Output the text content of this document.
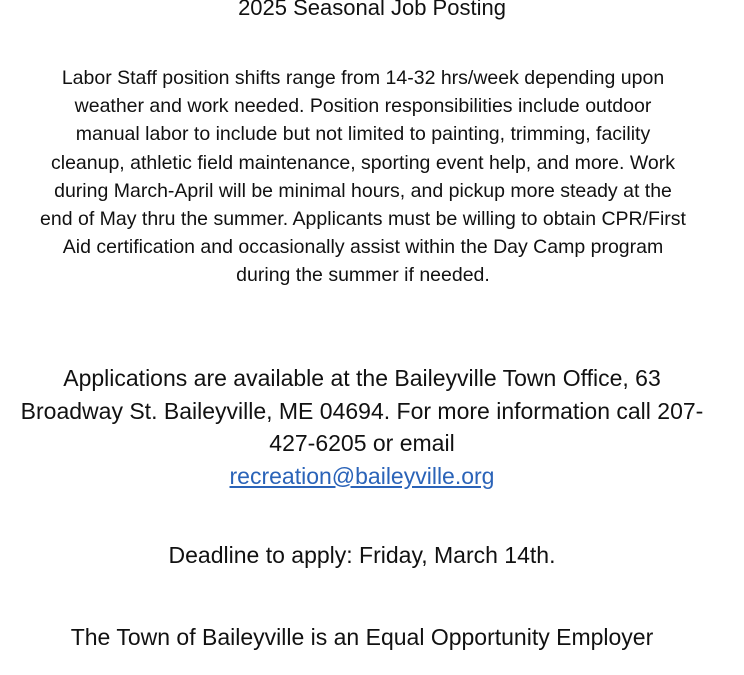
2025 Seasonal Job Posting

Labor Staff position shifts range from 14-32 hrs/week depending upon weather and work needed. Position responsibilities include outdoor manual labor to include but not limited to painting, trimming, facility cleanup, athletic field maintenance, sporting event help, and more. Work during March-April will be minimal hours, and pickup more steady at the end of May thru the summer. Applicants must be willing to obtain CPR/First Aid certification and occasionally assist within the Day Camp program during the summer if needed.

Applications are available at the Baileyville Town Office, 63 Broadway St. Baileyville, ME 04694. For more information call 207-427-6205 or email
recreation@baileyville.org

Deadline to apply: Friday, March 14th.

The Town of Baileyville is an Equal Opportunity Employer
